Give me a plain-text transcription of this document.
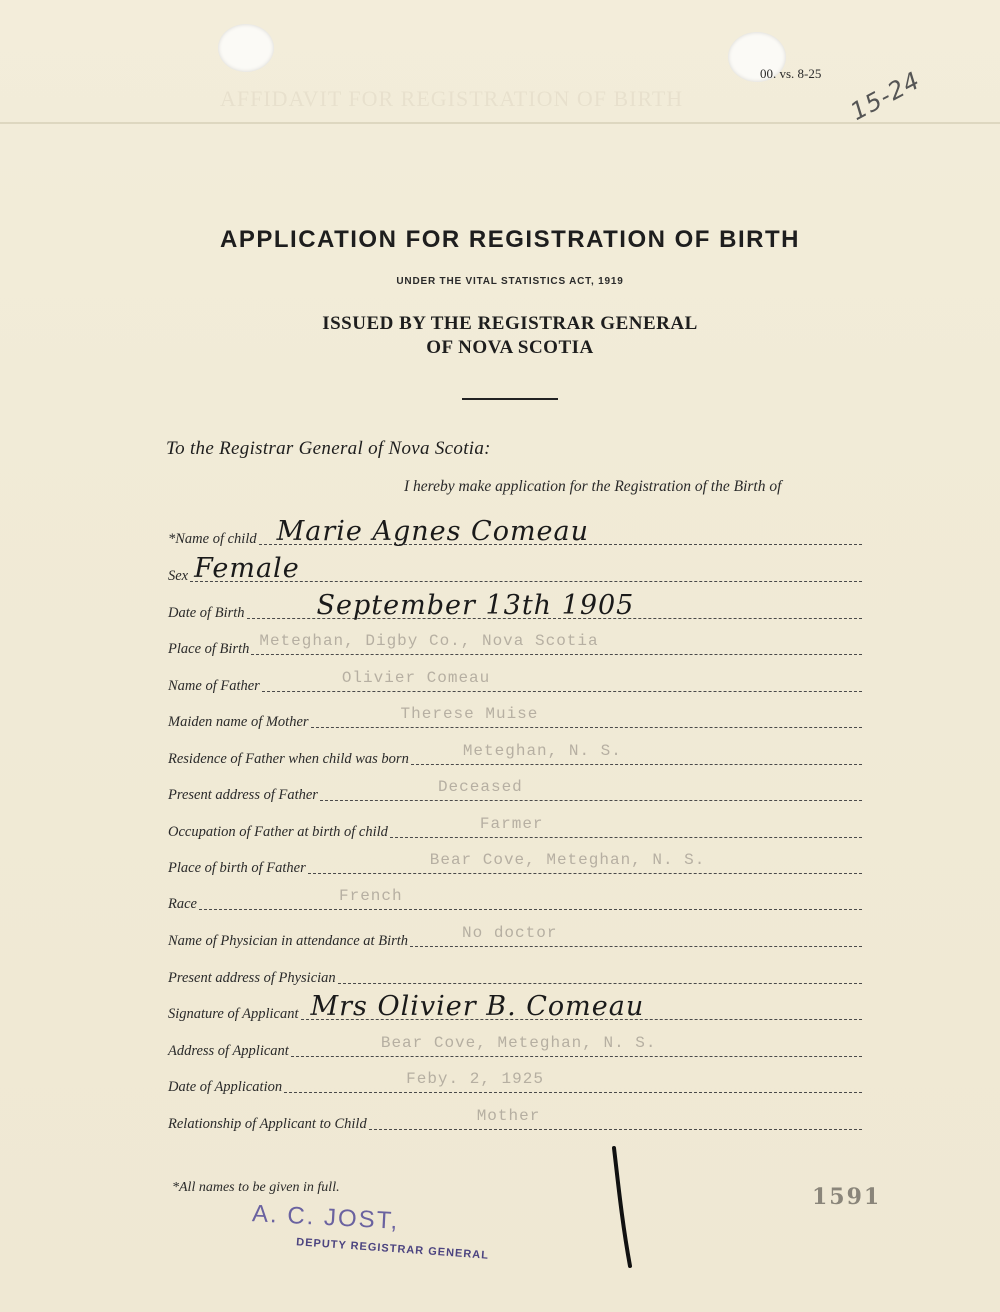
AFFIDAVIT FOR REGISTRATION OF BIRTH
00. vs. 8-25 15-24
APPLICATION FOR REGISTRATION OF BIRTH
UNDER THE VITAL STATISTICS ACT, 1919
ISSUED BY THE REGISTRAR GENERAL
OF NOVA SCOTIA
To the Registrar General of Nova Scotia:
I hereby make application for the Registration of the Birth of
*Name of child Marie Agnes Comeau
Sex Female
Date of Birth	September 13th 1905
Place of Birth Meteghan, Digby Co., Nova Scotia
Name of Father	Olivier Comeau
Maiden name of Mother	Therese Muise
Residence of Father when child was born	Meteghan, N. S.
Present address of Father	Deceased
Occupation of Father at birth of child	Farmer
Place of birth of Father	Bear Cove, Meteghan, N. S.
Race	French
Name of Physician in attendance at Birth	No doctor
Present address of Physician
Signature of Applicant Mrs Olivier B. Comeau
Address of Applicant	Bear Cove, Meteghan, N. S.
Date of Application	Feby. 2, 1925
Relationship of Applicant to Child	Mother
*All names to be given in full.
A. C. JOST,
DEPUTY REGISTRAR GENERAL
1591
